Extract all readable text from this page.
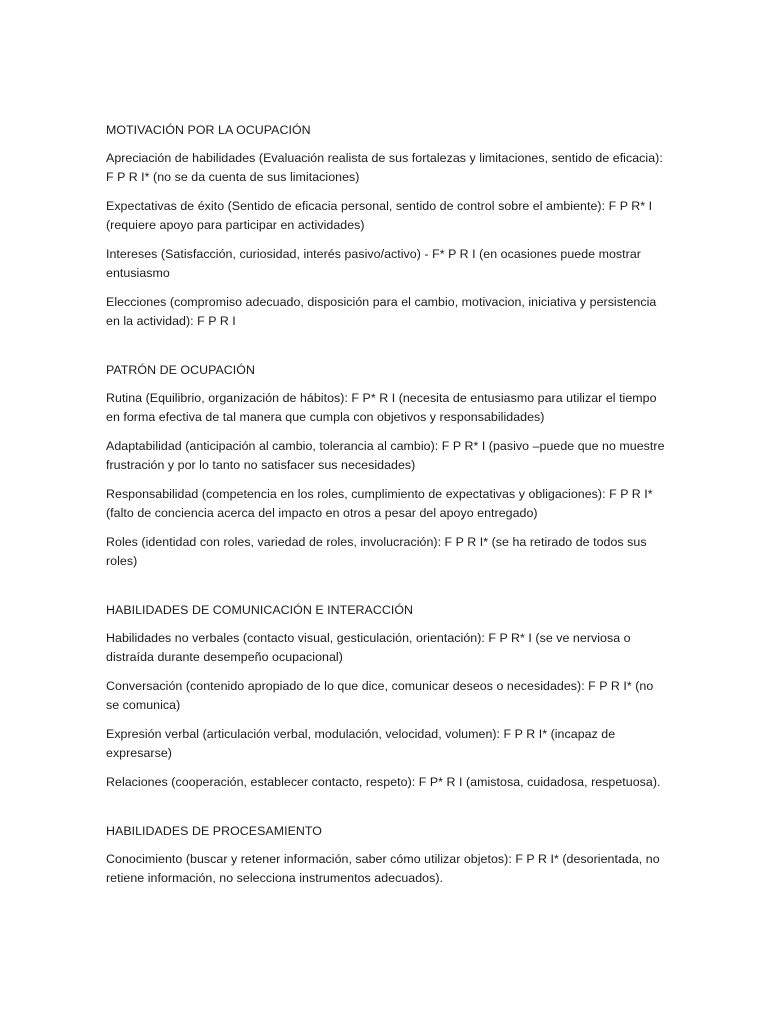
MOTIVACIÓN POR LA OCUPACIÓN

Apreciación de habilidades (Evaluación realista de sus fortalezas y limitaciones, sentido de eficacia): F P R I* (no se da cuenta de sus limitaciones)

Expectativas de éxito (Sentido de eficacia personal, sentido de control sobre el ambiente): F P R* I (requiere apoyo para participar en actividades)

Intereses (Satisfacción, curiosidad, interés pasivo/activo) - F* P R I (en ocasiones puede mostrar entusiasmo

Elecciones (compromiso adecuado, disposición para el cambio, motivacion, iniciativa y persistencia en la actividad): F P R I

PATRÓN DE OCUPACIÓN

Rutina (Equilibrio, organización de hábitos): F P* R I (necesita de entusiasmo para utilizar el tiempo en forma efectiva de tal manera que cumpla con objetivos y responsabilidades)

Adaptabilidad (anticipación al cambio, tolerancia al cambio): F P R* I (pasivo –puede que no muestre frustración y por lo tanto no satisfacer sus necesidades)

Responsabilidad (competencia en los roles, cumplimiento de expectativas y obligaciones): F P R I* (falto de conciencia acerca del impacto en otros a pesar del apoyo entregado)

Roles (identidad con roles, variedad de roles, involucración): F P R I* (se ha retirado de todos sus roles)

HABILIDADES DE COMUNICACIÓN E INTERACCIÓN

Habilidades no verbales (contacto visual, gesticulación, orientación): F P R* I (se ve nerviosa o distraída durante desempeño ocupacional)

Conversación (contenido apropiado de lo que dice, comunicar deseos o necesidades): F P R I* (no se comunica)

Expresión verbal (articulación verbal, modulación, velocidad, volumen): F P R I* (incapaz de expresarse)

Relaciones (cooperación, establecer contacto, respeto): F P* R I (amistosa, cuidadosa, respetuosa).

HABILIDADES DE PROCESAMIENTO

Conocimiento (buscar y retener información, saber cómo utilizar objetos): F P R I* (desorientada, no retiene información, no selecciona instrumentos adecuados).
